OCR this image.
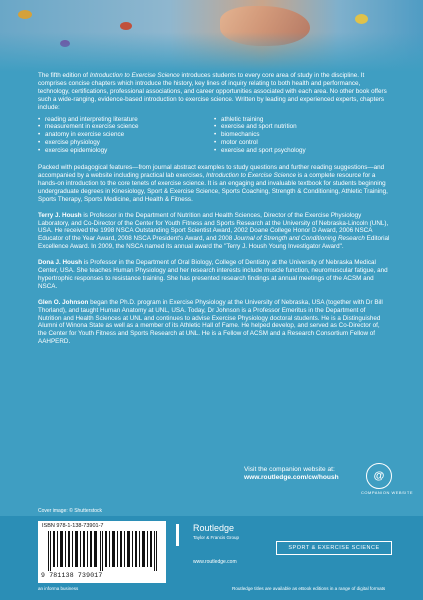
The fifth edition of Introduction to Exercise Science introduces students to every core area of study in the discipline. It comprises concise chapters which introduce the history, key lines of inquiry relating to both health and performance, technology, certifications, professional associations, and career opportunities associated with each area. No other book offers such a wide-ranging, evidence-based introduction to exercise science. Written by leading and experienced experts, chapters include:

• reading and interpreting literature
• measurement in exercise science
• anatomy in exercise science
• exercise physiology
• exercise epidemiology
• athletic training
• exercise and sport nutrition
• biomechanics
• motor control
• exercise and sport psychology

Packed with pedagogical features—from journal abstract examples to study questions and further reading suggestions—and accompanied by a website including practical lab exercises, Introduction to Exercise Science is a complete resource for a hands-on introduction to the core tenets of exercise science. It is an engaging and invaluable textbook for students beginning undergraduate degrees in Kinesiology, Sport & Exercise Science, Sports Coaching, Strength & Conditioning, Athletic Training, Sports Therapy, Sports Medicine, and Health & Fitness.

Terry J. Housh is Professor in the Department of Nutrition and Health Sciences, Director of the Exercise Physiology Laboratory, and Co-Director of the Center for Youth Fitness and Sports Research at the University of Nebraska-Lincoln (UNL), USA. He received the 1998 NSCA Outstanding Sport Scientist Award, 2002 Doane College Honor D Award, 2006 NSCA Educator of the Year Award, 2008 NSCA President's Award, and 2008 Journal of Strength and Conditioning Research Editorial Excellence Award. In 2009, the NSCA named its annual award the "Terry J. Housh Young Investigator Award".

Dona J. Housh is Professor in the Department of Oral Biology, College of Dentistry at the University of Nebraska Medical Center, USA. She teaches Human Physiology and her research interests include muscle function, neuromuscular fatigue, and hypertrophic responses to resistance training. She has presented research findings at annual meetings of the ACSM and NSCA.

Glen O. Johnson began the Ph.D. program in Exercise Physiology at the University of Nebraska, USA (together with Dr Bill Thorland), and taught Human Anatomy at UNL, USA. Today, Dr Johnson is a Professor Emeritus in the Department of Nutrition and Health Sciences at UNL and continues to advise Exercise Physiology doctoral students. He is a Distinguished Alumni of Winona State as well as a member of its Athletic Hall of Fame. He helped develop, and served as Co-Director of, the Center for Youth Fitness and Sports Research at UNL. He is a Fellow of ACSM and a Research Consortium Fellow of AAHPERD.

Visit the companion website at:
www.routledge.com/cw/housh	@
COMPANION WEBSITE
Cover image: © Shutterstock
ISBN 978-1-138-73901-7
9 781138 739017
an informa business
Routledge
Taylor & Francis Group
www.routledge.com
SPORT & EXERCISE SCIENCE
Routledge titles are available as eBook editions in a range of digital formats
